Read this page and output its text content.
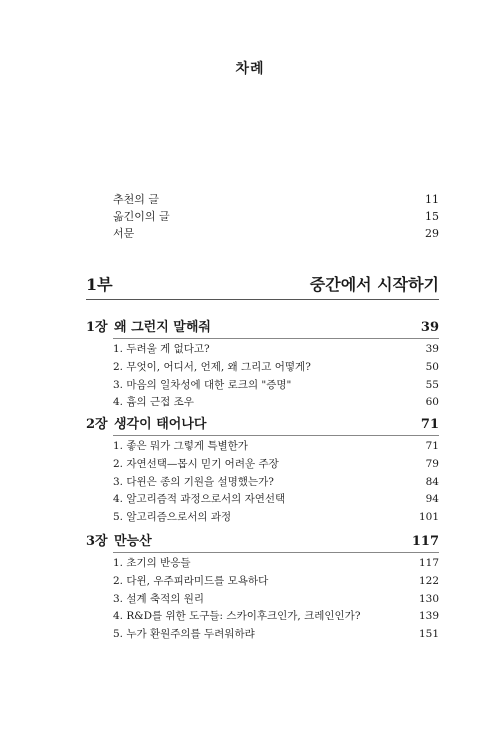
차례
추천의 글	11
옮긴이의 글	15
서문	29
1부	중간에서 시작하기
1장 왜 그런지 말해줘	39
1. 두려울 게 없다고?	39
2. 무엇이, 어디서, 언제, 왜 그리고 어떻게?	50
3. 마음의 일차성에 대한 로크의 "증명"	55
4. 흄의 근접 조우	60
2장 생각이 태어나다	71
1. 좋은 뭐가 그렇게 특별한가	71
2. 자연선택—몹시 믿기 어려운 주장	79
3. 다윈은 종의 기원을 설명했는가?	84
4. 알고리즘적 과정으로서의 자연선택	94
5. 알고리즘으로서의 과정	101
3장 만능산	117
1. 초기의 반응들	117
2. 다윈, 우주피라미드를 모욕하다	122
3. 설계 축적의 원리	130
4. R&D를 위한 도구들: 스카이후크인가, 크레인인가?	139
5. 누가 환원주의를 두려워하랴	151
